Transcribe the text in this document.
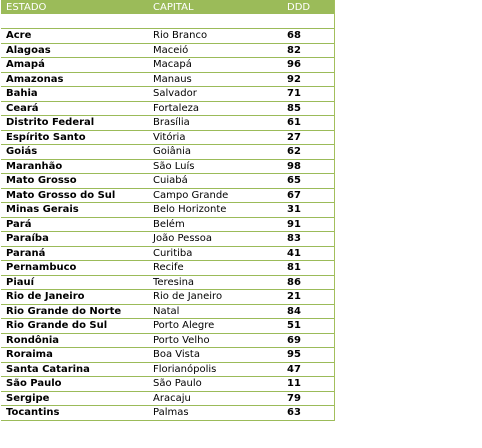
ESTADO	CAPITAL	DDD
Acre	Rio Branco	68
Alagoas	Maceió	82
Amapá	Macapá	96
Amazonas	Manaus	92
Bahia	Salvador	71
Ceará	Fortaleza	85
Distrito Federal	Brasília	61
Espírito Santo	Vitória	27
Goiás	Goiânia	62
Maranhão	São Luís	98
Mato Grosso	Cuiabá	65
Mato Grosso do Sul	Campo Grande	67
Minas Gerais	Belo Horizonte	31
Pará	Belém	91
Paraíba	João Pessoa	83
Paraná	Curitiba	41
Pernambuco	Recife	81
Piauí	Teresina	86
Rio de Janeiro	Rio de Janeiro	21
Rio Grande do Norte	Natal	84
Rio Grande do Sul	Porto Alegre	51
Rondônia	Porto Velho	69
Roraima	Boa Vista	95
Santa Catarina	Florianópolis	47
São Paulo	São Paulo	11
Sergipe	Aracaju	79
Tocantins	Palmas	63
